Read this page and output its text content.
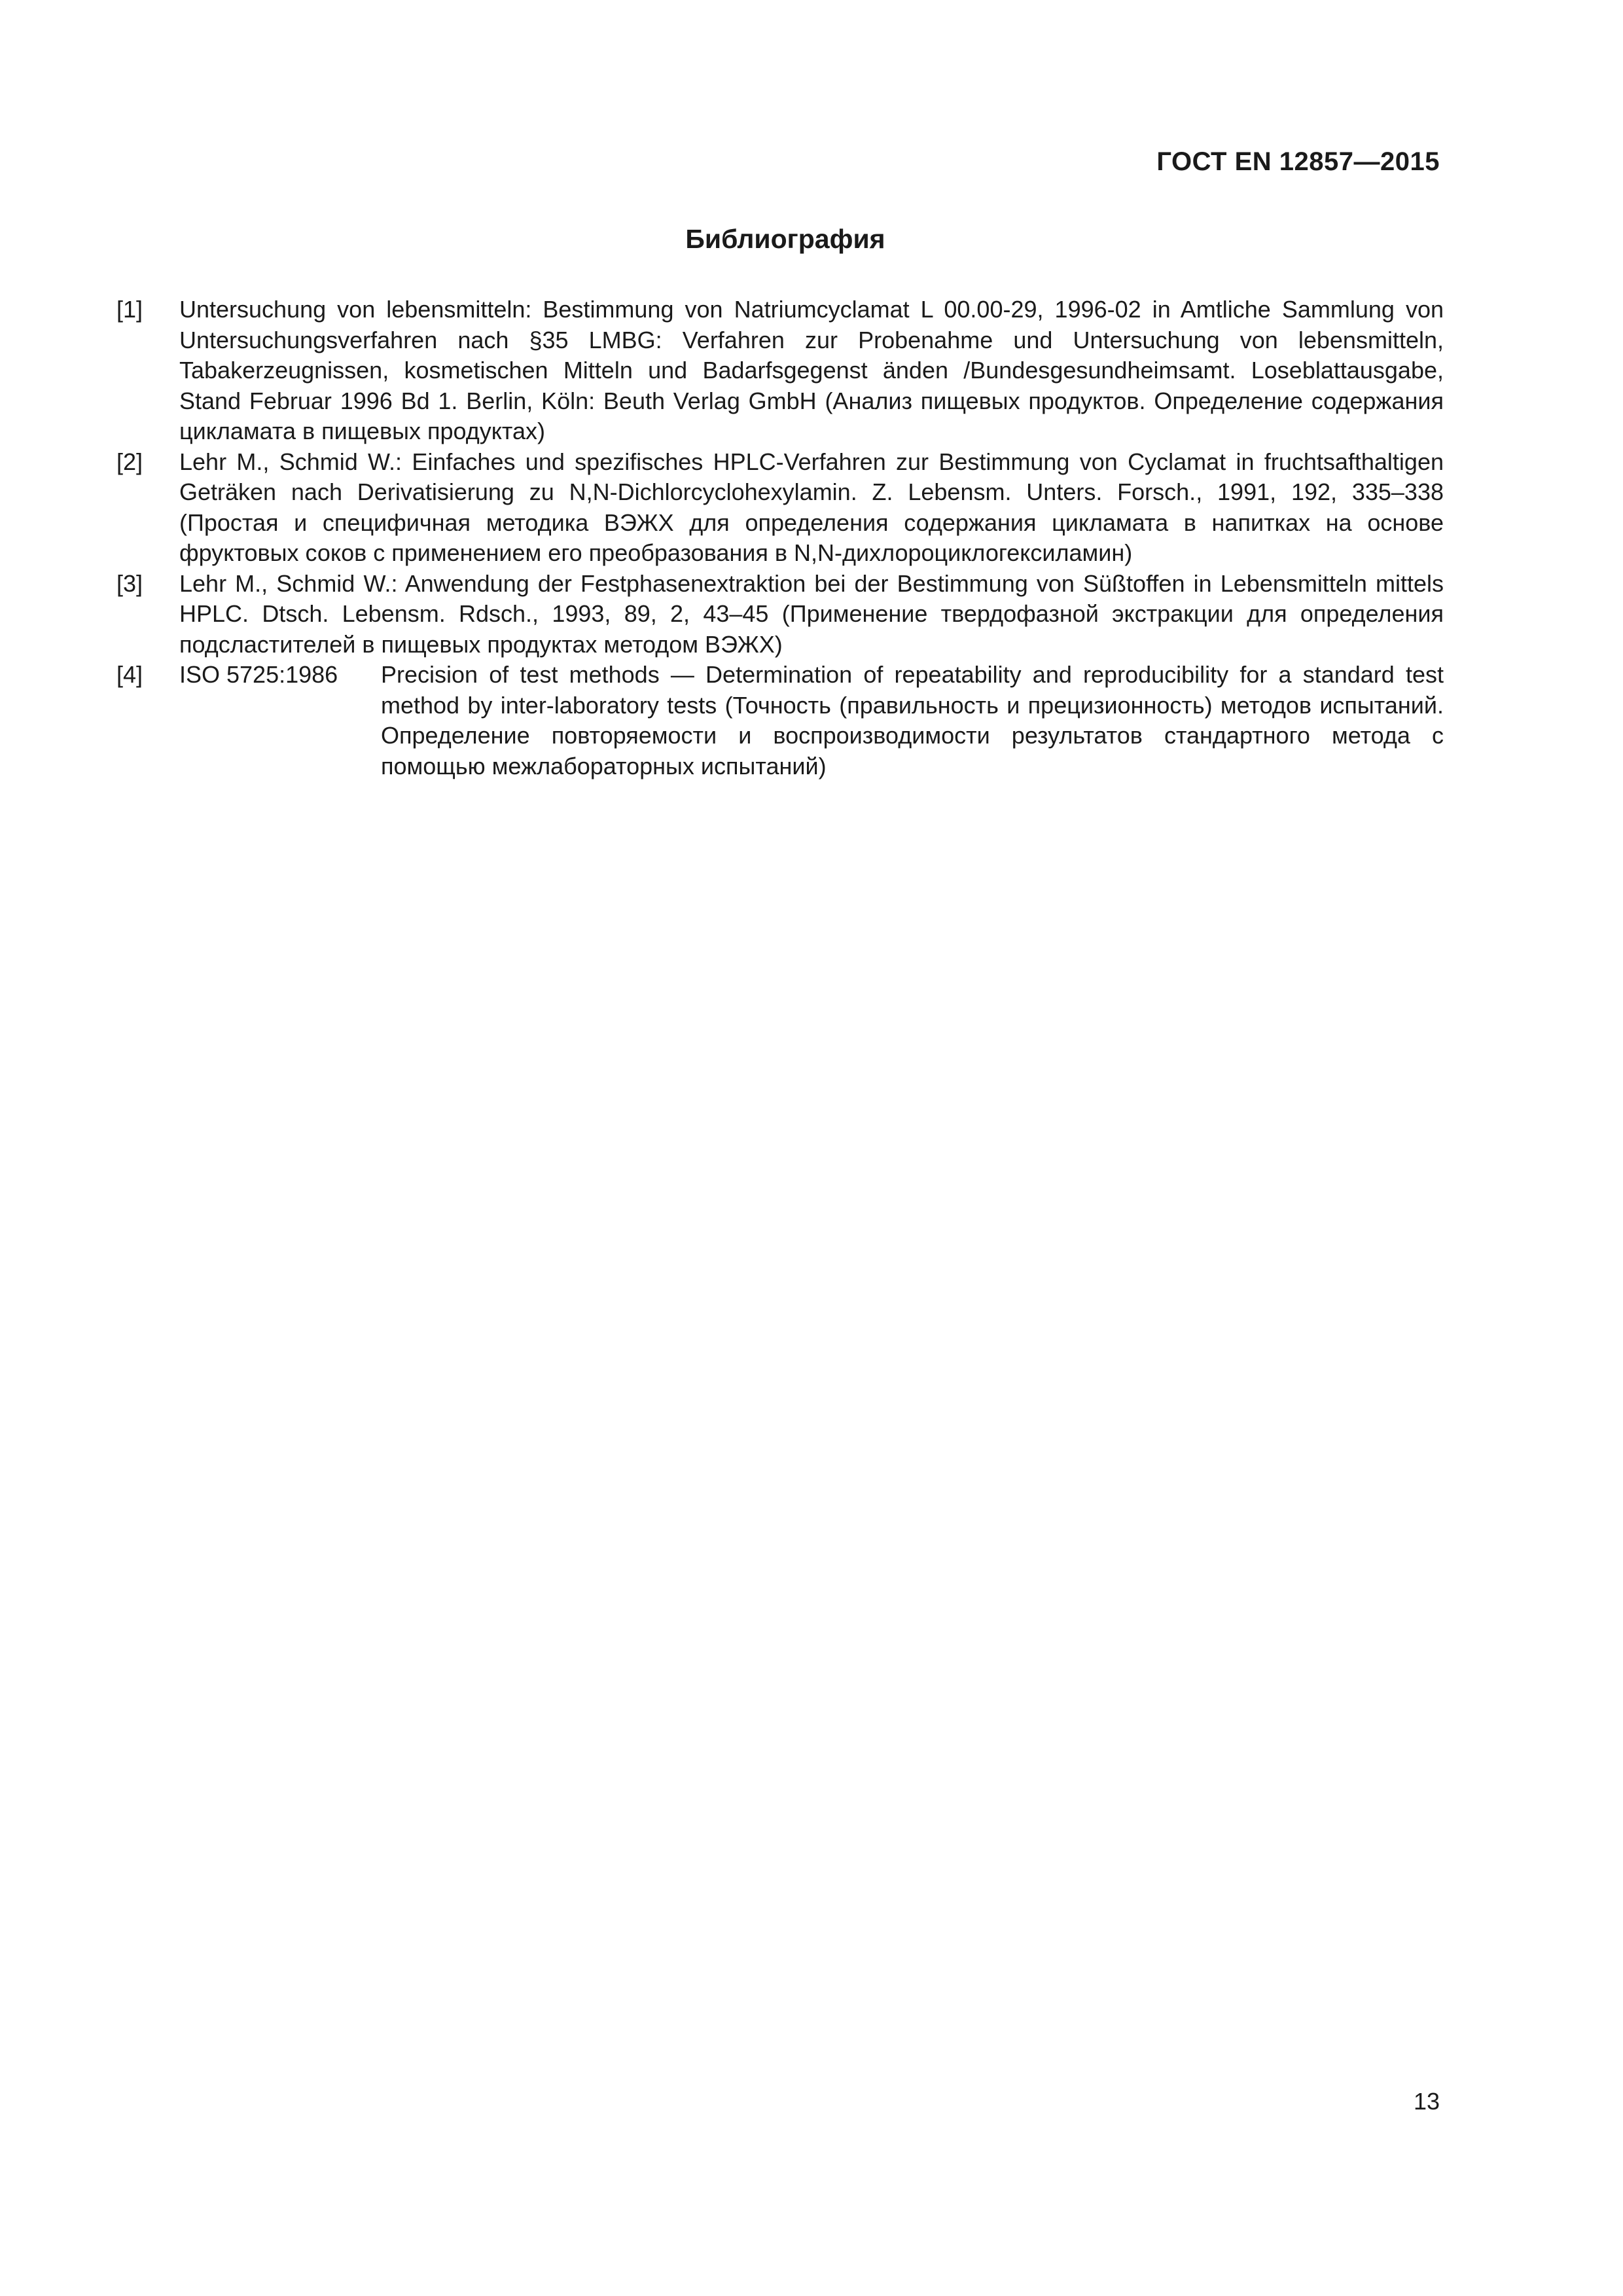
ГОСТ EN 12857—2015
Библиография
[1]	Untersuchung von lebensmitteln: Bestimmung von Natriumcyclamat L 00.00-29, 1996-02 in Amtliche Sammlung von Untersuchungsverfahren nach §35 LMBG: Verfahren zur Probenahme und Untersuchung von lebensmitteln, Tabakerzeugnissen, kosmetischen Mitteln und Badarfsgegenst änden /Bundesgesundheimsamt. Loseblattausgabe, Stand Februar 1996 Bd 1. Berlin, Köln: Beuth Verlag GmbH (Анализ пищевых продуктов. Определение содержания цикламата в пищевых продуктах)
[2]	Lehr M., Schmid W.: Einfaches und spezifisches HPLC-Verfahren zur Bestimmung von Cyclamat in fruchtsafthaltigen Geträken nach Derivatisierung zu N,N-Dichlorcyclohexylamin. Z. Lebensm. Unters. Forsch., 1991, 192, 335–338 (Простая и специфичная методика ВЭЖХ для определения содержания цикламата в напитках на основе фруктовых соков с применением его преобразования в N,N-дихлороциклогексиламин)
[3]	Lehr M., Schmid W.: Anwendung der Festphasenextraktion bei der Bestimmung von Süßtoffen in Lebensmitteln mittels HPLC. Dtsch. Lebensm. Rdsch., 1993, 89, 2, 43–45 (Применение твердофазной экстракции для определения подсластителей в пищевых продуктах методом ВЭЖХ)
[4]	ISO 5725:1986	Precision of test methods — Determination of repeatability and reproducibility for a standard test method by inter-laboratory tests (Точность (правильность и прецизионность) методов испытаний. Определение повторяемости и воспроизводимости результатов стандартного метода с помощью межлабораторных испытаний)
13
